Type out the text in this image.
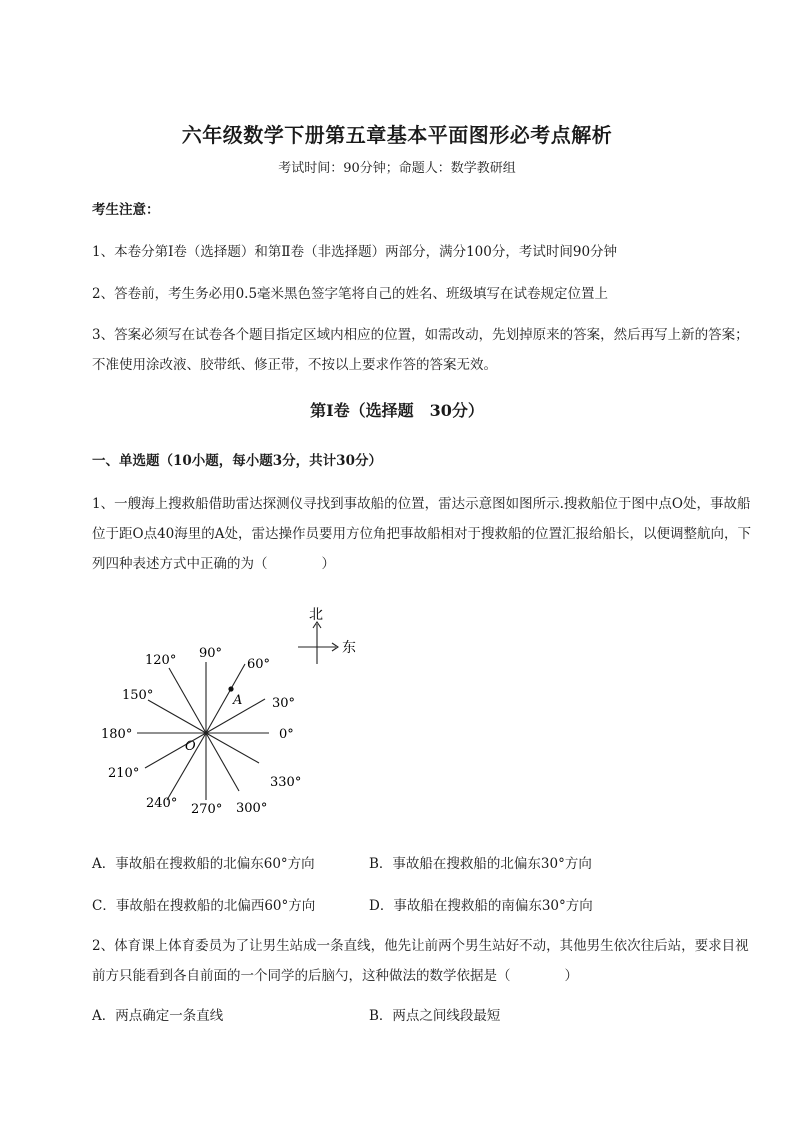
六年级数学下册第五章基本平面图形必考点解析
考试时间：90分钟；命题人：数学教研组
考生注意：
1、本卷分第I卷（选择题）和第Ⅱ卷（非选择题）两部分，满分100分，考试时间90分钟
2、答卷前，考生务必用0.5毫米黑色签字笔将自己的姓名、班级填写在试卷规定位置上
3、答案必须写在试卷各个题目指定区域内相应的位置，如需改动，先划掉原来的答案，然后再写上新的答案；不准使用涂改液、胶带纸、修正带，不按以上要求作答的答案无效。
第I卷（选择题　30分）
一、单选题（10小题，每小题3分，共计30分）
1、一艘海上搜救船借助雷达探测仪寻找到事故船的位置，雷达示意图如图所示.搜救船位于图中点O处，事故船位于距O点40海里的A处，雷达操作员要用方位角把事故船相对于搜救船的位置汇报给船长，以便调整航向，下列四种表述方式中正确的为（　　　　）
A
O
0°
30°
60°
90°
120°
150°
180°
210°
240° 270° 300°
330°
北
东
A．事故船在搜救船的北偏东60°方向	B．事故船在搜救船的北偏东30°方向
C．事故船在搜救船的北偏西60°方向	D．事故船在搜救船的南偏东30°方向
2、体育课上体育委员为了让男生站成一条直线，他先让前两个男生站好不动，其他男生依次往后站，要求目视前方只能看到各自前面的一个同学的后脑勺，这种做法的数学依据是（　　　　）
A．两点确定一条直线	B．两点之间线段最短
